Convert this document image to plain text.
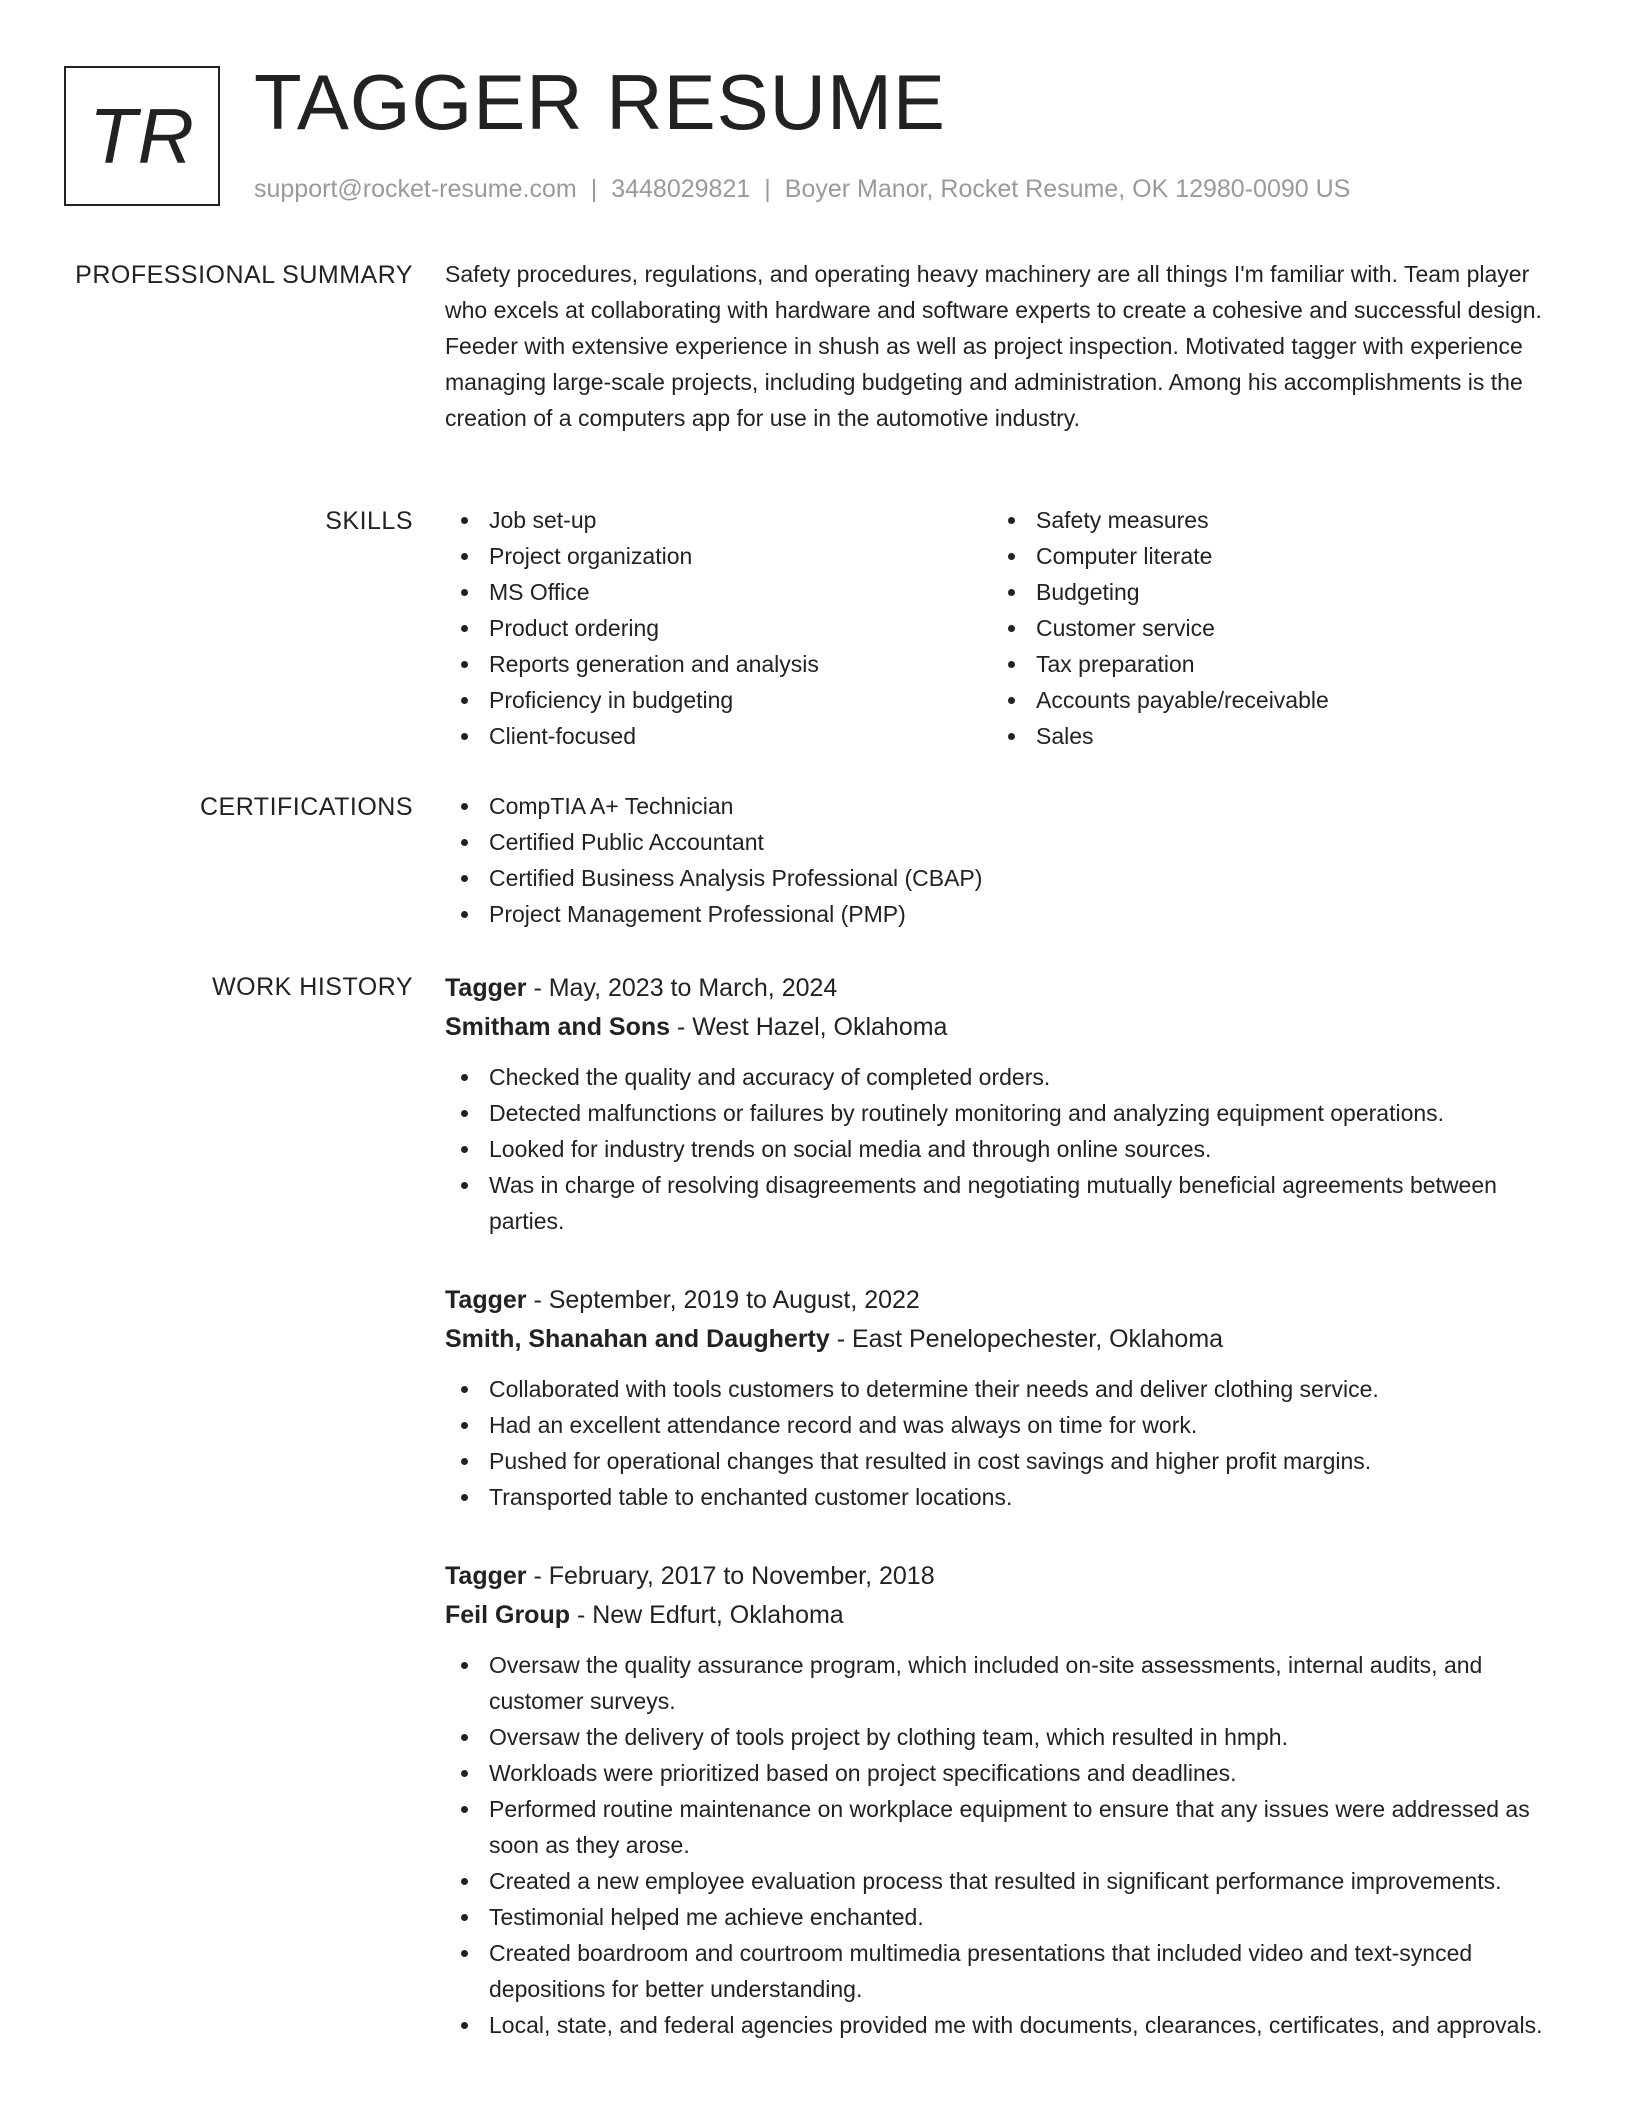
TR TAGGER RESUME
support@rocket-resume.com | 3448029821 | Boyer Manor, Rocket Resume, OK 12980-0090 US
PROFESSIONAL SUMMARY Safety procedures, regulations, and operating heavy machinery are all things I'm familiar with. Team player who excels at collaborating with hardware and software experts to create a cohesive and successful design. Feeder with extensive experience in shush as well as project inspection. Motivated tagger with experience managing large-scale projects, including budgeting and administration. Among his accomplishments is the creation of a computers app for use in the automotive industry.

SKILLS	Job set-up
Project organization
MS Office
Product ordering
Reports generation and analysis
Proficiency in budgeting
Client-focused
Safety measures
Computer literate
Budgeting
Customer service
Tax preparation
Accounts payable/receivable
Sales
CERTIFICATIONS	CompTIA A+ Technician
Certified Public Accountant
Certified Business Analysis Professional (CBAP)
Project Management Professional (PMP)
WORK HISTORY Tagger - May, 2023 to March, 2024
Smitham and Sons - West Hazel, Oklahoma
Checked the quality and accuracy of completed orders.
Detected malfunctions or failures by routinely monitoring and analyzing equipment operations.
Looked for industry trends on social media and through online sources.
Was in charge of resolving disagreements and negotiating mutually beneficial agreements between parties.
Tagger - September, 2019 to August, 2022
Smith, Shanahan and Daugherty - East Penelopechester, Oklahoma
Collaborated with tools customers to determine their needs and deliver clothing service.
Had an excellent attendance record and was always on time for work.
Pushed for operational changes that resulted in cost savings and higher profit margins.
Transported table to enchanted customer locations.
Tagger - February, 2017 to November, 2018
Feil Group - New Edfurt, Oklahoma
Oversaw the quality assurance program, which included on-site assessments, internal audits, and customer surveys.
Oversaw the delivery of tools project by clothing team, which resulted in hmph.
Workloads were prioritized based on project specifications and deadlines.
Performed routine maintenance on workplace equipment to ensure that any issues were addressed as soon as they arose.
Created a new employee evaluation process that resulted in significant performance improvements.
Testimonial helped me achieve enchanted.
Created boardroom and courtroom multimedia presentations that included video and text-synced depositions for better understanding.
Local, state, and federal agencies provided me with documents, clearances, certificates, and approvals.
